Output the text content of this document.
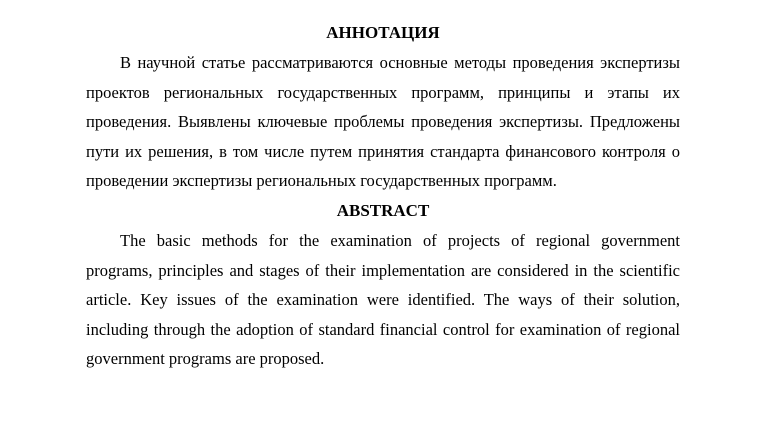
АННОТАЦИЯ

В научной статье рассматриваются основные методы проведения экспертизы проектов региональных государственных программ, принципы и этапы их проведения. Выявлены ключевые проблемы проведения экспертизы. Предложены пути их решения, в том числе путем принятия стандарта финансового контроля о проведении экспертизы региональных государственных программ.

ABSTRACT

The basic methods for the examination of projects of regional government programs, principles and stages of their implementation are considered in the scientific article. Key issues of the examination were identified. The ways of their solution, including through the adoption of standard financial control for examination of regional government programs are proposed.
